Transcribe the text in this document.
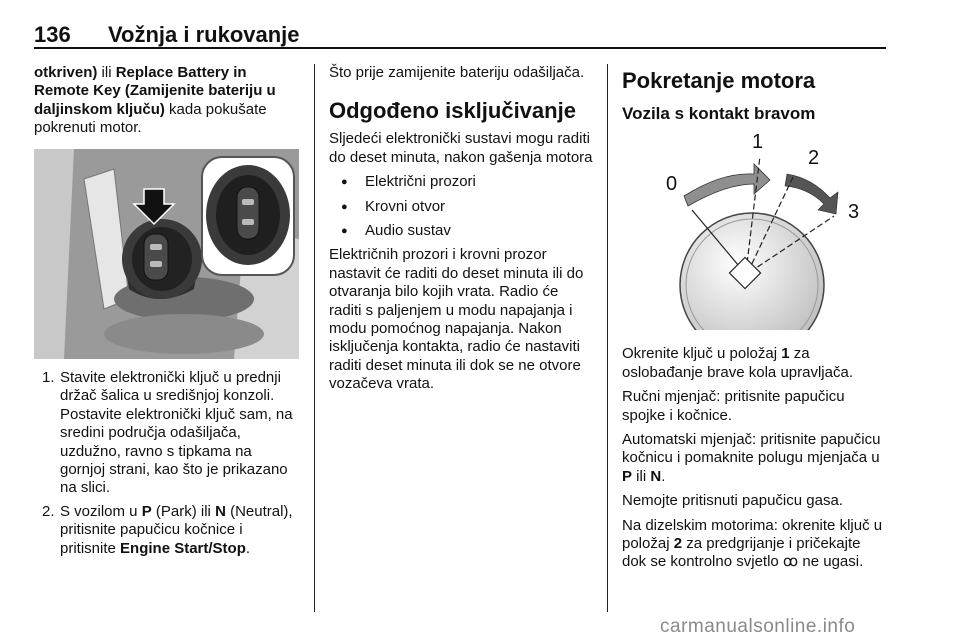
136 Vožnja i rukovanje

otkriven) ili Replace Battery in Remote Key (Zamijenite bateriju u daljinskom ključu) kada pokušate pokrenuti motor.

1. Stavite elektronički ključ u prednji držač šalica u središnjoj konzoli. Postavite elektronički ključ sam, na sredini područja odašiljača, uzdužno, ravno s tipkama na gornjoj strani, kao što je prikazano na slici.
2. S vozilom u P (Park) ili N (Neutral), pritisnite papučicu kočnice i pritisnite Engine Start/Stop.

Što prije zamijenite bateriju odašiljača.

Odgođeno isključivanje

Sljedeći elektronički sustavi mogu raditi do deset minuta, nakon gašenja motora

● Električni prozori
● Krovni otvor
● Audio sustav

Električnih prozori i krovni prozor nastavit će raditi do deset minuta ili do otvaranja bilo kojih vrata. Radio će raditi s paljenjem u modu napajanja i modu pomoćnog napajanja. Nakon isključenja kontakta, radio će nastaviti raditi deset minuta ili dok se ne otvore vozačeva vrata.

Pokretanje motora
Vozila s kontakt bravom
0
1
2
3

Okrenite ključ u položaj 1 za oslobađanje brave kola upravljača.

Ručni mjenjač: pritisnite papučicu spojke i kočnice.

Automatski mjenjač: pritisnite papučicu kočnicu i pomaknite polugu mjenjača u P ili N.

Nemojte pritisnuti papučicu gasa.

Na dizelskim motorima: okrenite ključ u položaj 2 za predgrijanje i pričekajte dok se kontrolno svjetlo ꝏ ne ugasi.

carmanualsonline.info
